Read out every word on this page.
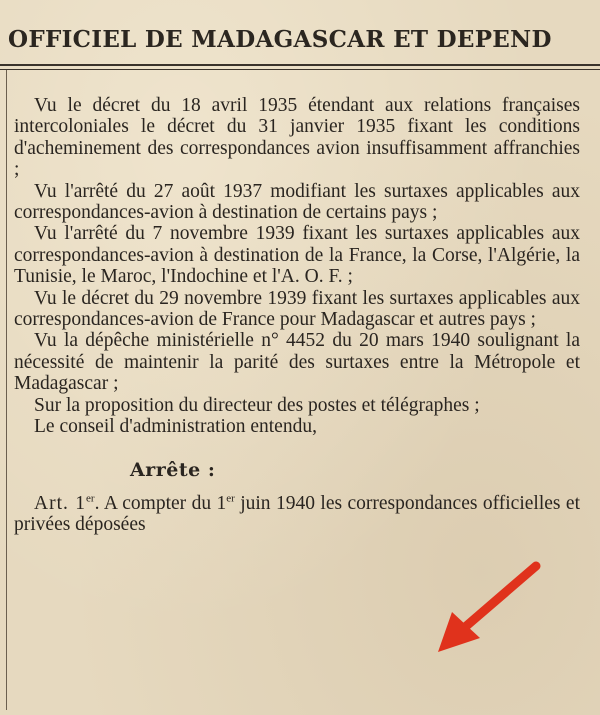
OFFICIEL DE MADAGASCAR ET DEPEND

Vu le décret du 18 avril 1935 étendant aux relations françaises intercoloniales le décret du 31 janvier 1935 fixant les conditions d'acheminement des correspondances avion insuffisamment affranchies ;

Vu l'arrêté du 27 août 1937 modifiant les surtaxes applicables aux correspondances-avion à destination de certains pays ;

Vu l'arrêté du 7 novembre 1939 fixant les surtaxes applicables aux correspondances-avion à destination de la France, la Corse, l'Algérie, la Tunisie, le Maroc, l'Indochine et l'A. O. F. ;

Vu le décret du 29 novembre 1939 fixant les surtaxes applicables aux correspondances-avion de France pour Madagascar et autres pays ;

Vu la dépêche ministérielle n° 4452 du 20 mars 1940 soulignant la nécessité de maintenir la parité des surtaxes entre la Métropole et Madagascar ;

Sur la proposition du directeur des postes et télégraphes ;

Le conseil d'administration entendu,

Arrête :

Art. 1er. A compter du 1er juin 1940 les correspondances officielles et privées déposées
